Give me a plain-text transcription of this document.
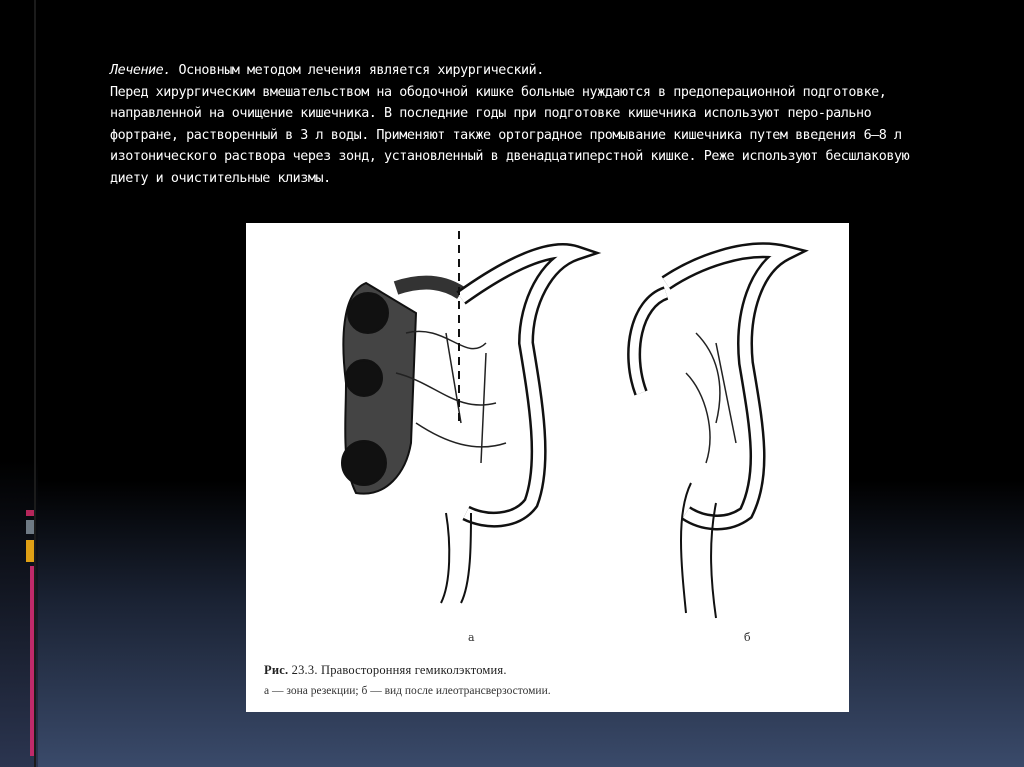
Лечение. Основным методом лечения является хирургический.

Перед хирургическим вмешательством на ободочной кишке больные нуждаются в предоперационной подготовке,

направленной на очищение кишечника. В последние годы при подготовке кишечника используют перо-рально

фортране, растворенный в 3 л воды. Применяют также ортоградное промывание кишечника путем введения 6–8 л

изотонического раствора через зонд, установленный в двенадцатиперстной кишке. Реже используют бесшлаковую

диету и очистительные клизмы.

а	б
Рис. 23.3. Правосторонняя гемиколэктомия.
а — зона резекции; б — вид после илеотрансверзостомии.
